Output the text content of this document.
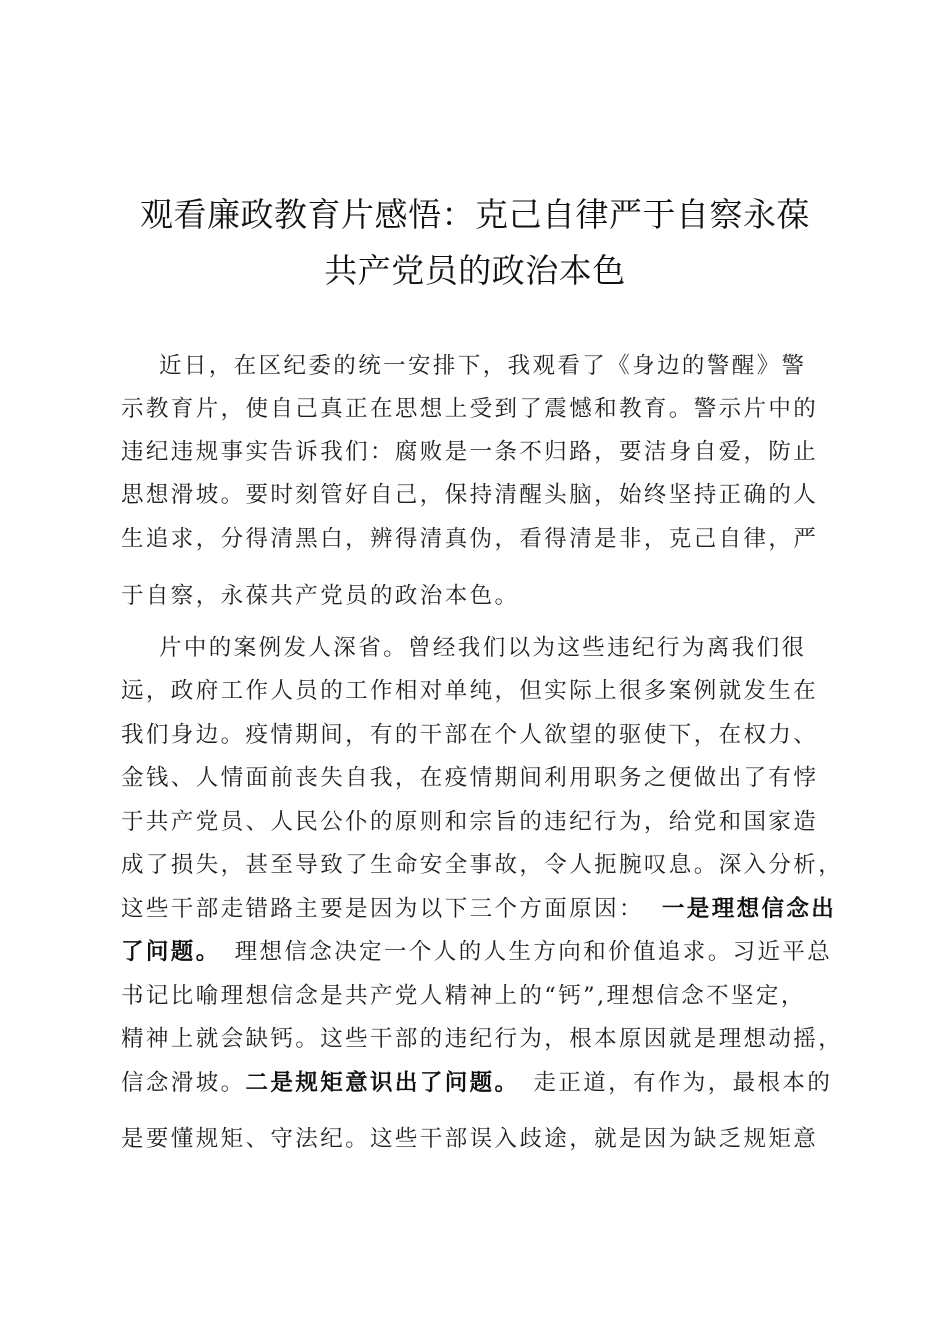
观看廉政教育片感悟：克己自律严于自察永葆
共产党员的政治本色
近日，在区纪委的统一安排下，我观看了《身边的警醒》警
示教育片，使自己真正在思想上受到了震憾和教育。警示片中的
违纪违规事实告诉我们：腐败是一条不归路，要洁身自爱，防止
思想滑坡。要时刻管好自己，保持清醒头脑，始终坚持正确的人
生追求，分得清黑白，辨得清真伪，看得清是非，克己自律，严
于自察，永葆共产党员的政治本色。
片中的案例发人深省。曾经我们以为这些违纪行为离我们很
远，政府工作人员的工作相对单纯，但实际上很多案例就发生在
我们身边。疫情期间，有的干部在个人欲望的驱使下，在权力、
金钱、人情面前丧失自我，在疫情期间利用职务之便做出了有悖
于共产党员、人民公仆的原则和宗旨的违纪行为，给党和国家造
成了损失，甚至导致了生命安全事故，令人扼腕叹息。深入分析，
这些干部走错路主要是因为以下三个方面原因： 一是理想信念出
了问题。 理想信念决定一个人的人生方向和价值追求。习近平总
书记比喻理想信念是共产党人精神上的“钙”,理想信念不坚定，
精神上就会缺钙。这些干部的违纪行为，根本原因就是理想动摇，
信念滑坡。二是规矩意识出了问题。 走正道，有作为，最根本的
是要懂规矩、守法纪。这些干部误入歧途，就是因为缺乏规矩意
